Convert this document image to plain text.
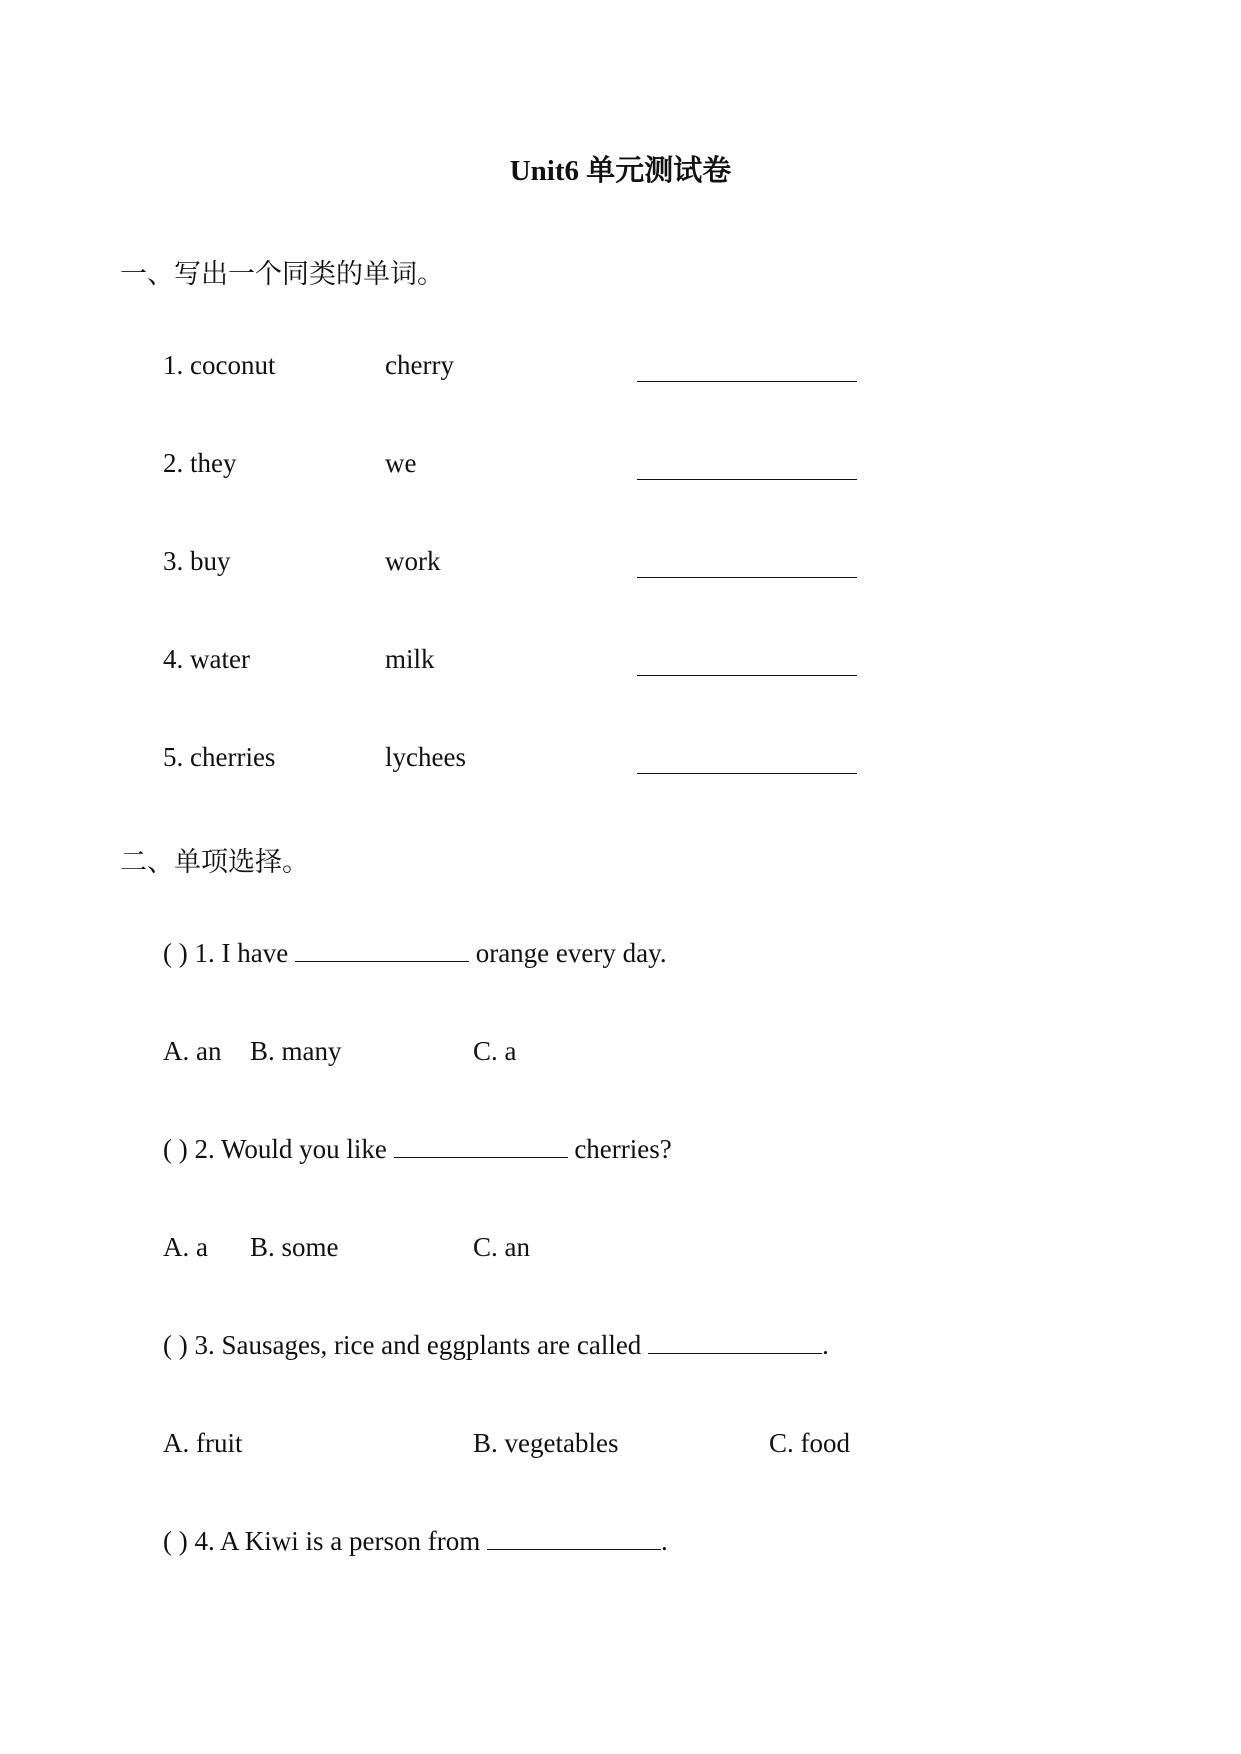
Unit6 单元测试卷
一、写出一个同类的单词。
1. coconut	cherry
2. they	we
3. buy	work
4. water	milk
5. cherries	lychees
二、单项选择。
( ) 1. I have	orange every day.
A. an B. many	C. a
( ) 2. Would you like	cherries?
A. a B. some	C. an
( ) 3. Sausages, rice and eggplants are called	.
A. fruit	B. vegetables	C. food
( ) 4. A Kiwi is a person from	.
